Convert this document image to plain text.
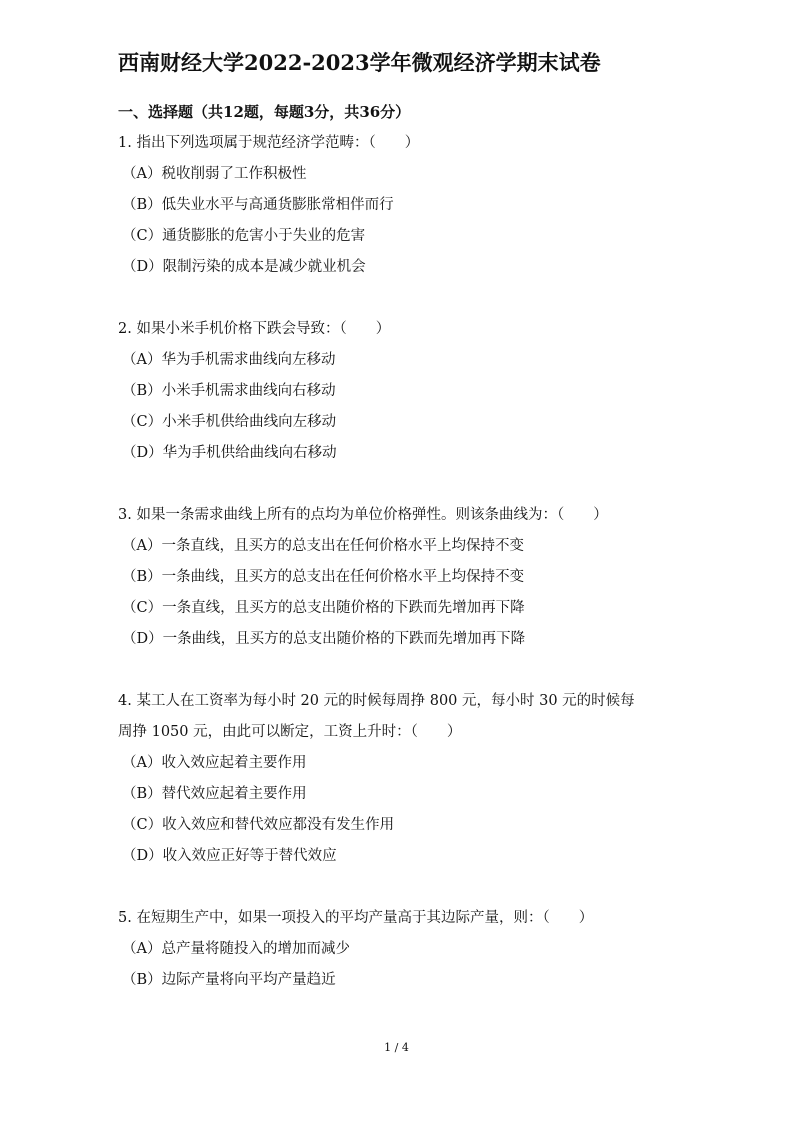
西南财经大学2022-2023学年微观经济学期末试卷
一、选择题（共12题，每题3分，共36分）
1. 指出下列选项属于规范经济学范畴：（　　）
（A）税收削弱了工作积极性
（B）低失业水平与高通货膨胀常相伴而行
（C）通货膨胀的危害小于失业的危害
（D）限制污染的成本是减少就业机会
2. 如果小米手机价格下跌会导致：（　　）
（A）华为手机需求曲线向左移动
（B）小米手机需求曲线向右移动
（C）小米手机供给曲线向左移动
（D）华为手机供给曲线向右移动
3. 如果一条需求曲线上所有的点均为单位价格弹性。则该条曲线为：（　　）
（A）一条直线，且买方的总支出在任何价格水平上均保持不变
（B）一条曲线，且买方的总支出在任何价格水平上均保持不变
（C）一条直线，且买方的总支出随价格的下跌而先增加再下降
（D）一条曲线，且买方的总支出随价格的下跌而先增加再下降
4. 某工人在工资率为每小时 20 元的时候每周挣 800 元，每小时 30 元的时候每
周挣 1050 元，由此可以断定，工资上升时：（　　）
（A）收入效应起着主要作用
（B）替代效应起着主要作用
（C）收入效应和替代效应都没有发生作用
（D）收入效应正好等于替代效应
5. 在短期生产中，如果一项投入的平均产量高于其边际产量，则：（　　）
（A）总产量将随投入的增加而减少
（B）边际产量将向平均产量趋近
1 / 4
